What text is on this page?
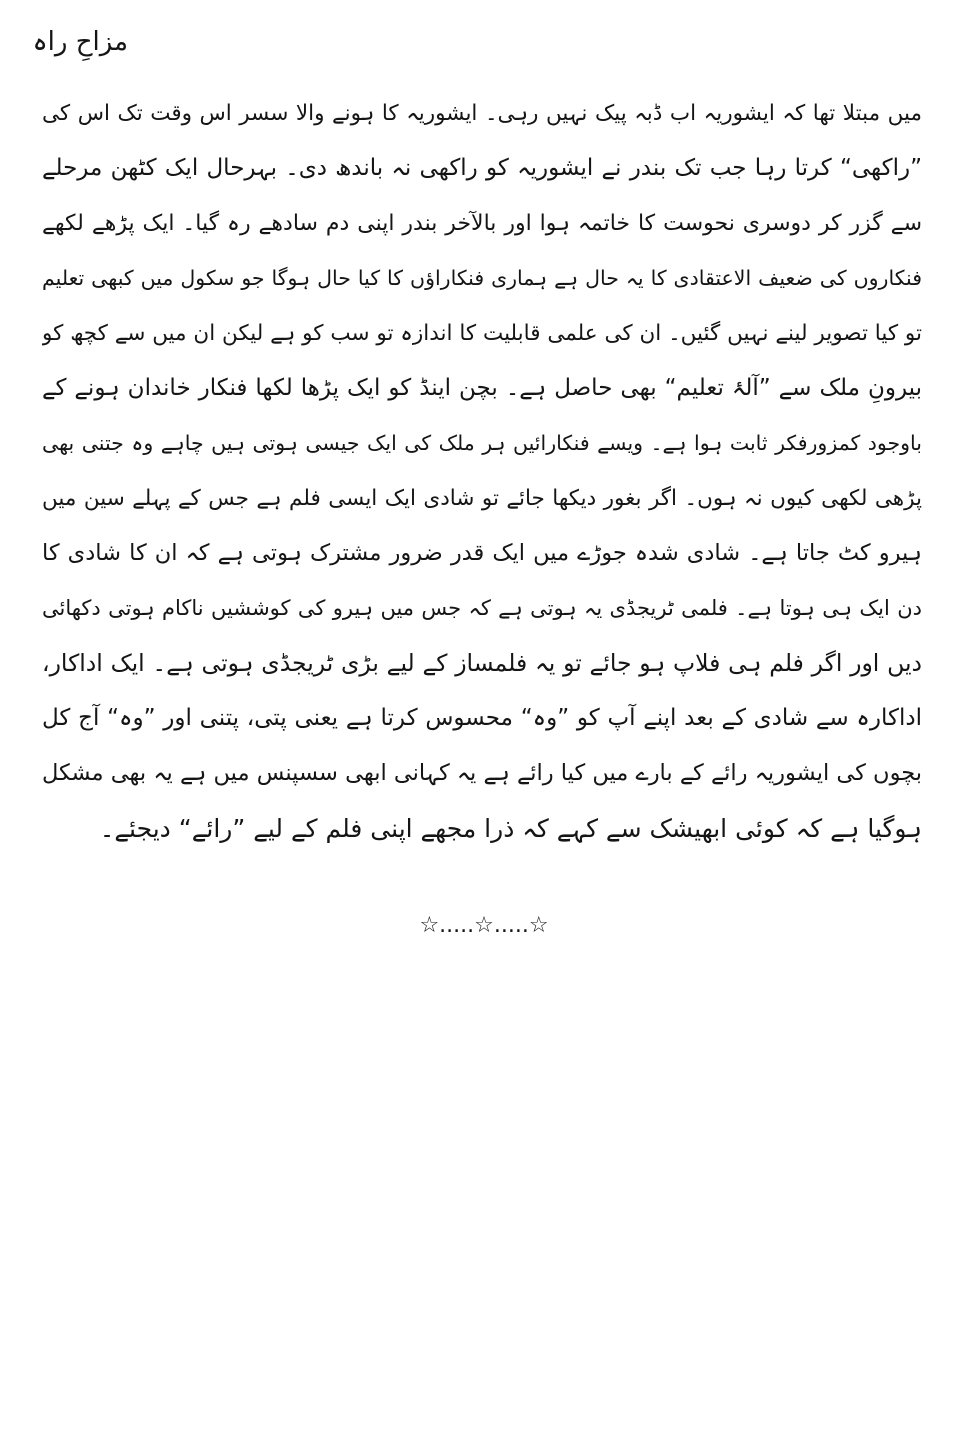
مزاحِ راہ
میں مبتلا تھا کہ ایشوریہ اب ڈبہ پیک نہیں رہی۔ ایشوریہ کا ہونے والا سسر اس وقت تک اس کی
”راکھی“ کرتا رہا جب تک بندر نے ایشوریہ کو راکھی نہ باندھ دی۔ بہرحال ایک کٹھن مرحلے
سے گزر کر دوسری نحوست کا خاتمہ ہوا اور بالآخر بندر اپنی دم سادھے رہ گیا۔ ایک پڑھے لکھے
فنکاروں کی ضعیف الاعتقادی کا یہ حال ہے ہماری فنکاراؤں کا کیا حال ہوگا جو سکول میں کبھی تعلیم
تو کیا تصویر لینے نہیں گئیں۔ ان کی علمی قابلیت کا اندازہ تو سب کو ہے لیکن ان میں سے کچھ کو
بیرونِ ملک سے ”آلۂ تعلیم“ بھی حاصل ہے۔ بچن اینڈ کو ایک پڑھا لکھا فنکار خاندان ہونے کے
باوجود کمزورفکر ثابت ہوا ہے۔ ویسے فنکارائیں ہر ملک کی ایک جیسی ہوتی ہیں چاہے وہ جتنی بھی
پڑھی لکھی کیوں نہ ہوں۔ اگر بغور دیکھا جائے تو شادی ایک ایسی فلم ہے جس کے پہلے سین میں
ہیرو کٹ جاتا ہے۔ شادی شدہ جوڑے میں ایک قدر ضرور مشترک ہوتی ہے کہ ان کا شادی کا
دن ایک ہی ہوتا ہے۔ فلمی ٹریجڈی یہ ہوتی ہے کہ جس میں ہیرو کی کوششیں ناکام ہوتی دکھائی
دیں اور اگر فلم ہی فلاپ ہو جائے تو یہ فلمساز کے لیے بڑی ٹریجڈی ہوتی ہے۔ ایک اداکار،
اداکارہ سے شادی کے بعد اپنے آپ کو ”وہ“ محسوس کرتا ہے یعنی پتی، پتنی اور ”وہ“ آج کل
بچوں کی ایشوریہ رائے کے بارے میں کیا رائے ہے یہ کہانی ابھی سسپنس میں ہے یہ بھی مشکل
ہوگیا ہے کہ کوئی ابھیشک سے کہے کہ ذرا مجھے اپنی فلم کے لیے ”رائے“ دیجئے۔
☆.....☆.....☆
